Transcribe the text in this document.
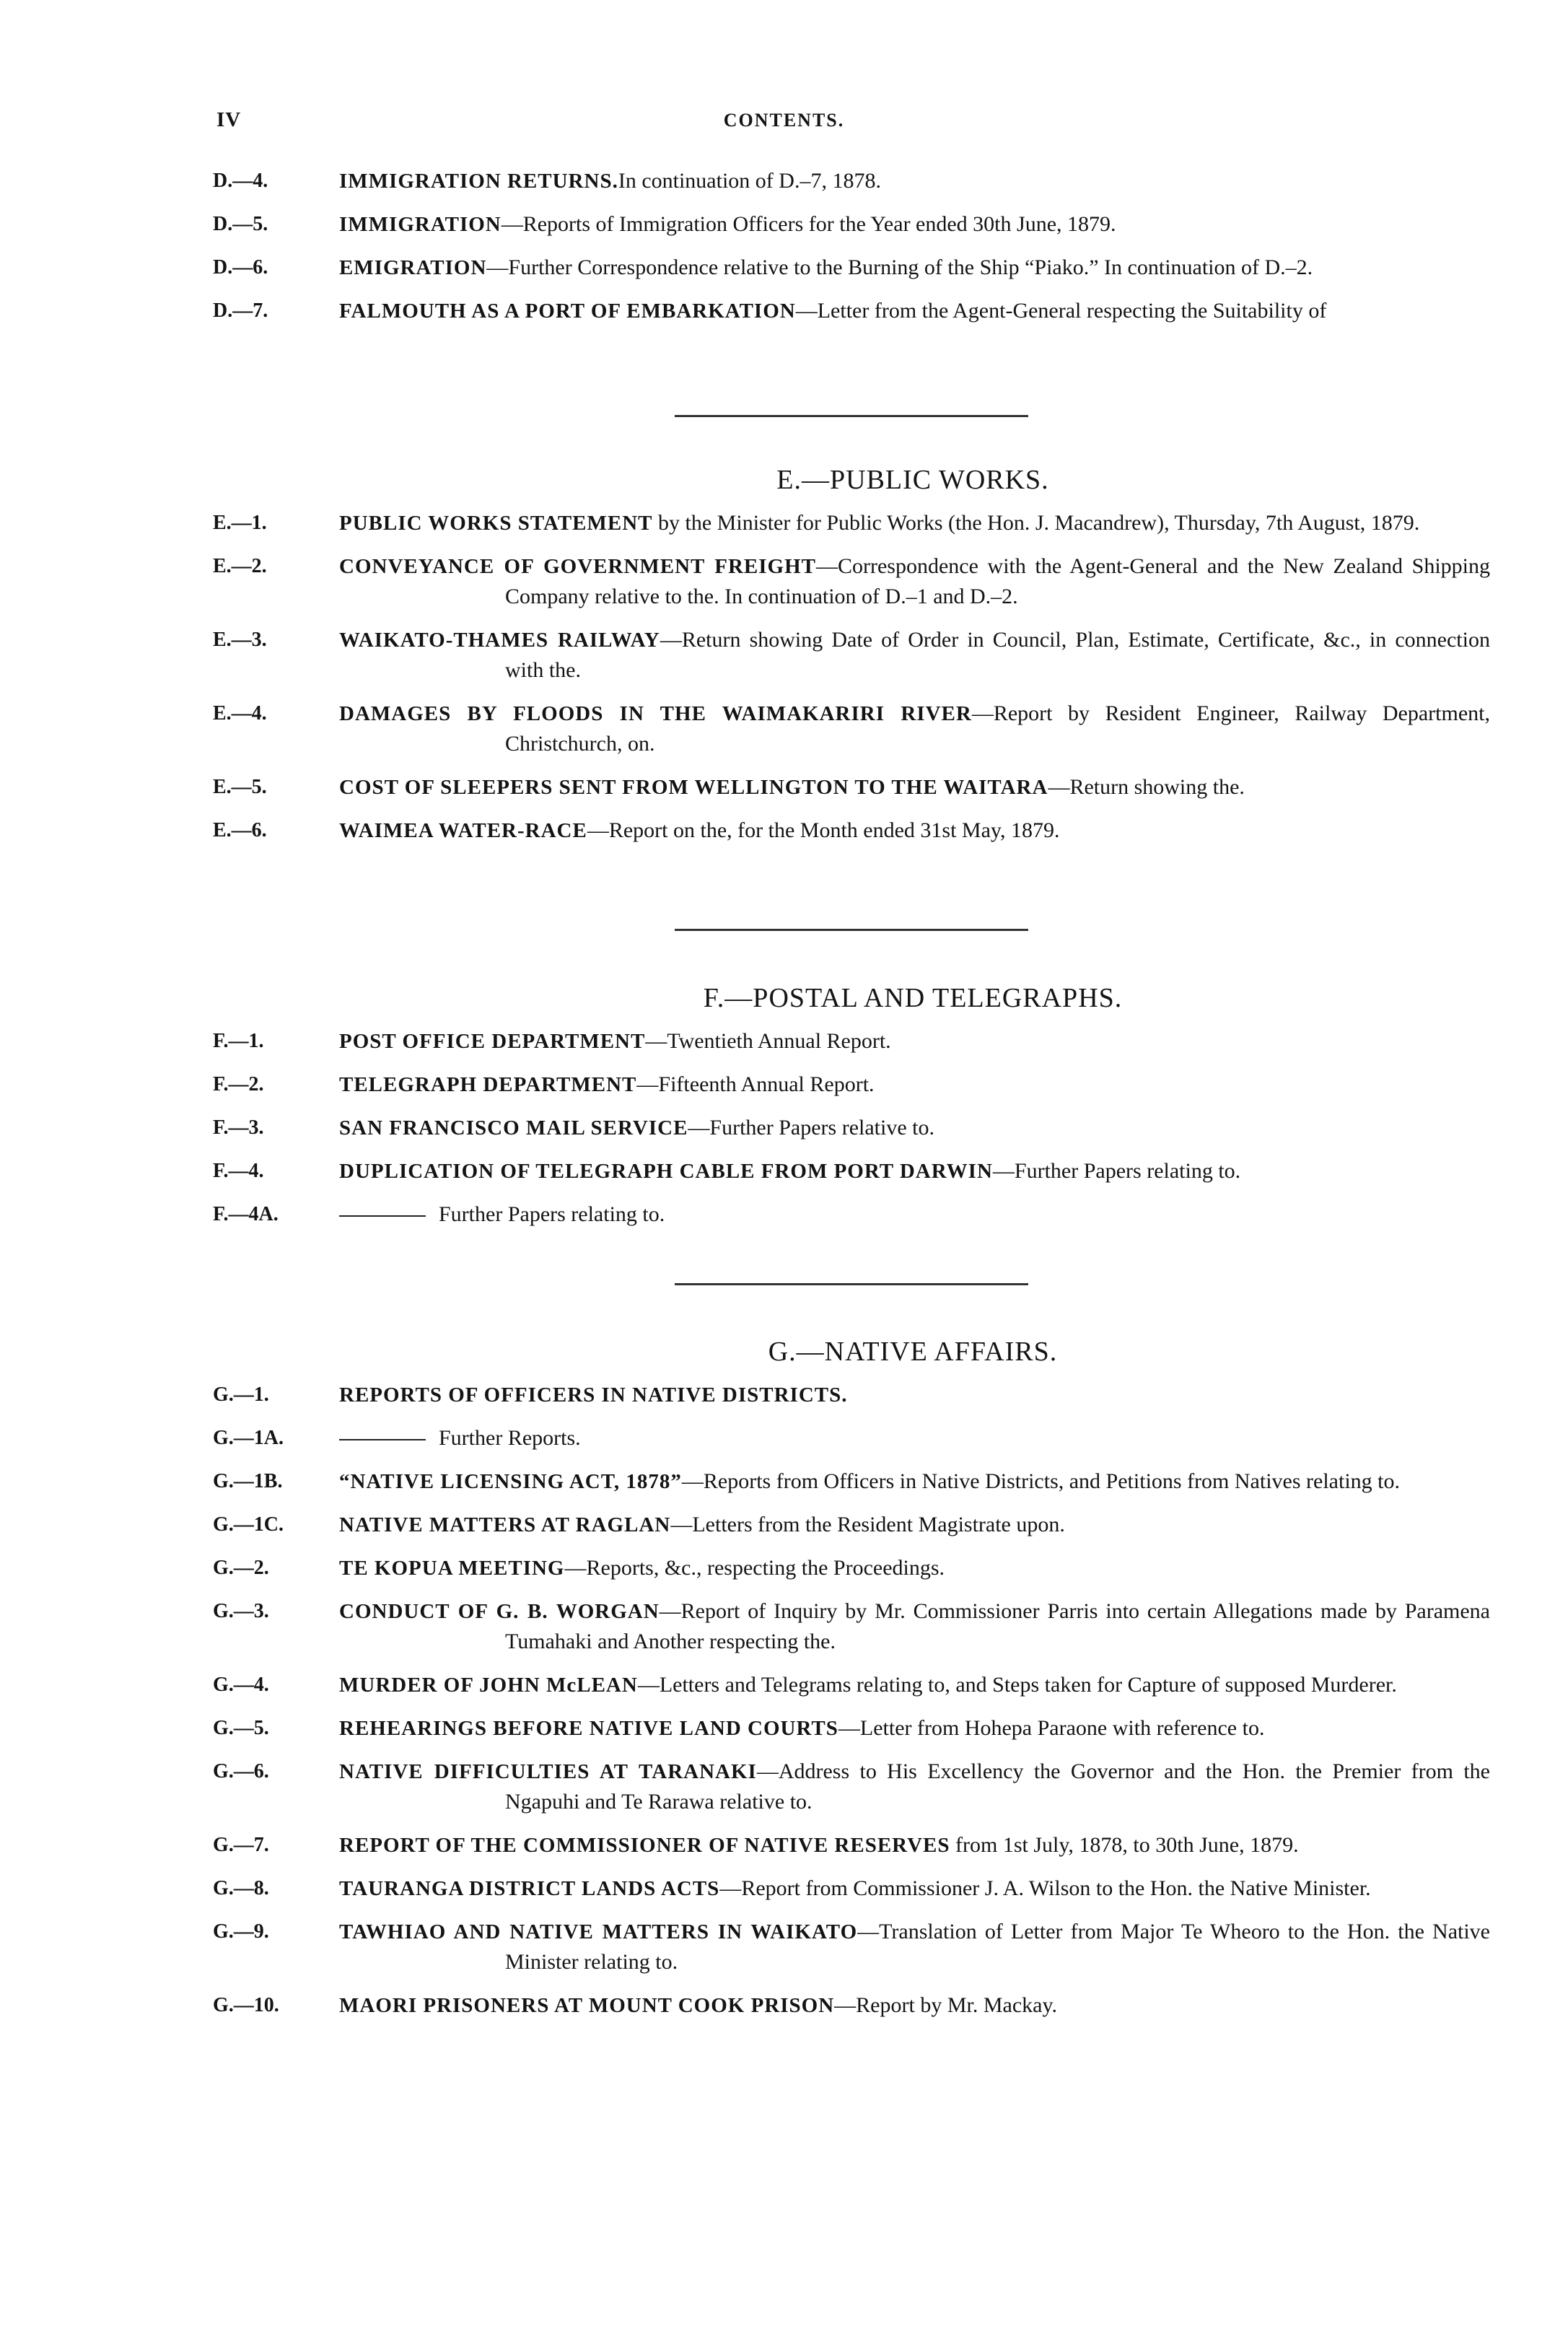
IV	CONTENTS.
D.—4.	IMMIGRATION RETURNS.In continuation of D.–7, 1878.
D.—5.	IMMIGRATION—Reports of Immigration Officers for the Year ended 30th June, 1879.
D.—6.	EMIGRATION—Further Correspondence relative to the Burning of the Ship “Piako.” In continuation of D.–2.
D.—7.	FALMOUTH AS A PORT OF EMBARKATION—Letter from the Agent-General respecting the Suitability of
E.—PUBLIC WORKS.
E.—1.	PUBLIC WORKS STATEMENT by the Minister for Public Works (the Hon. J. Macandrew), Thursday, 7th August, 1879.
E.—2.	CONVEYANCE OF GOVERNMENT FREIGHT—Correspondence with the Agent-General and the New Zealand Shipping Company relative to the. In continuation of D.–1 and D.–2.
E.—3.	WAIKATO-THAMES RAILWAY—Return showing Date of Order in Council, Plan, Estimate, Certificate, &c., in connection with the.
E.—4.	DAMAGES BY FLOODS IN THE WAIMAKARIRI RIVER—Report by Resident Engineer, Railway Department, Christchurch, on.
E.—5.	COST OF SLEEPERS SENT FROM WELLINGTON TO THE WAITARA—Return showing the.
E.—6.	WAIMEA WATER-RACE—Report on the, for the Month ended 31st May, 1879.
F.—POSTAL AND TELEGRAPHS.
F.—1.	POST OFFICE DEPARTMENT—Twentieth Annual Report.
F.—2.	TELEGRAPH DEPARTMENT—Fifteenth Annual Report.
F.—3.	SAN FRANCISCO MAIL SERVICE—Further Papers relative to.
F.—4.	DUPLICATION OF TELEGRAPH CABLE FROM PORT DARWIN—Further Papers relating to.
F.—4A.	Further Papers relating to.
G.—NATIVE AFFAIRS.
G.—1.	REPORTS OF OFFICERS IN NATIVE DISTRICTS.
G.—1A.	Further Reports.
G.—1B.	“NATIVE LICENSING ACT, 1878”—Reports from Officers in Native Districts, and Petitions from Natives relating to.
G.—1C.	NATIVE MATTERS AT RAGLAN—Letters from the Resident Magistrate upon.
G.—2.	TE KOPUA MEETING—Reports, &c., respecting the Proceedings.
G.—3.	CONDUCT OF G. B. WORGAN—Report of Inquiry by Mr. Commissioner Parris into certain Allegations made by Paramena Tumahaki and Another respecting the.
G.—4.	MURDER OF JOHN McLEAN—Letters and Telegrams relating to, and Steps taken for Capture of supposed Murderer.
G.—5.	REHEARINGS BEFORE NATIVE LAND COURTS—Letter from Hohepa Paraone with reference to.
G.—6.	NATIVE DIFFICULTIES AT TARANAKI—Address to His Excellency the Governor and the Hon. the Premier from the Ngapuhi and Te Rarawa relative to.
G.—7.	REPORT OF THE COMMISSIONER OF NATIVE RESERVES from 1st July, 1878, to 30th June, 1879.
G.—8.	TAURANGA DISTRICT LANDS ACTS—Report from Commissioner J. A. Wilson to the Hon. the Native Minister.
G.—9.	TAWHIAO AND NATIVE MATTERS IN WAIKATO—Translation of Letter from Major Te Wheoro to the Hon. the Native Minister relating to.
G.—10.	MAORI PRISONERS AT MOUNT COOK PRISON—Report by Mr. Mackay.
